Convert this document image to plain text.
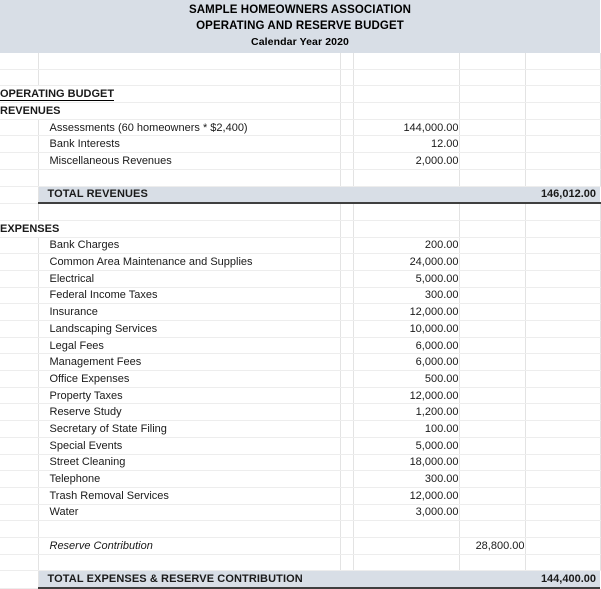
SAMPLE HOMEOWNERS ASSOCIATION
OPERATING AND RESERVE BUDGET
Calendar Year 2020

OPERATING BUDGET					
REVENUES					
	Assessments (60 homeowners * $2,400)		144,000.00		
	Bank Interests		12.00		
	Miscellaneous Revenues		2,000.00		

	TOTAL REVENUES				146,012.00

EXPENSES					
	Bank Charges		200.00		
	Common Area Maintenance and Supplies		24,000.00		
	Electrical		5,000.00		
	Federal Income Taxes		300.00		
	Insurance		12,000.00		
	Landscaping Services		10,000.00		
	Legal Fees		6,000.00		
	Management Fees		6,000.00		
	Office Expenses		500.00		
	Property Taxes		12,000.00		
	Reserve Study		1,200.00		
	Secretary of State Filing		100.00		
	Special Events		5,000.00		
	Street Cleaning		18,000.00		
	Telephone		300.00		
	Trash Removal Services		12,000.00		
	Water		3,000.00		

	Reserve Contribution			28,800.00	

	TOTAL EXPENSES & RESERVE CONTRIBUTION				144,400.00
